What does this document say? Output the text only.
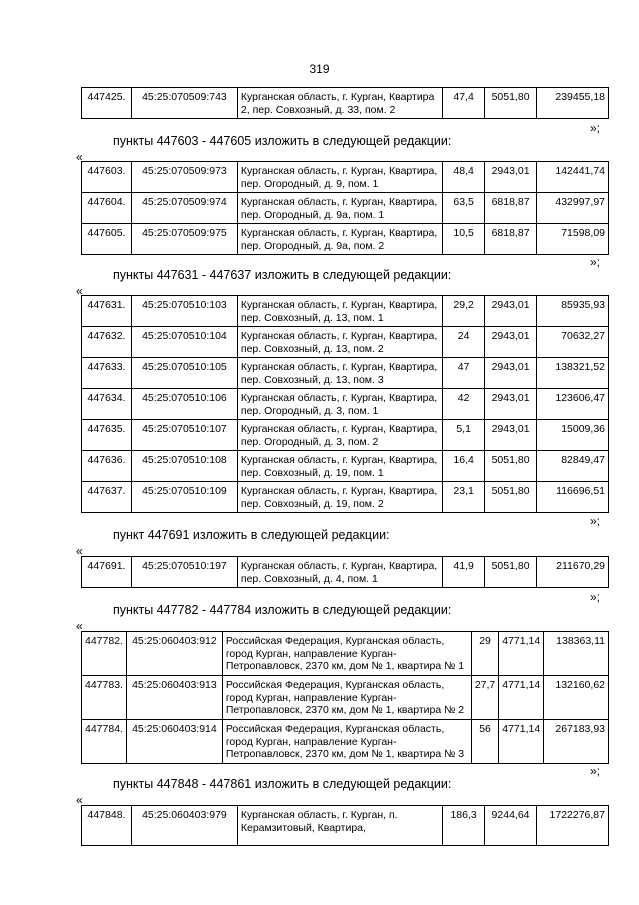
319
447425.	45:25:070509:743	Курганская область, г. Курган, Квартира 2, пер. Совхозный, д. 33, пом. 2	47,4	5051,80	239455,18
»;
пункты 447603 - 447605 изложить в следующей редакции:
«
447603.	45:25:070509:973	Курганская область, г. Курган, Квартира, пер. Огородный, д. 9, пом. 1	48,4	2943,01	142441,74
447604.	45:25:070509:974	Курганская область, г. Курган, Квартира, пер. Огородный, д. 9а, пом. 1	63,5	6818,87	432997,97
447605.	45:25:070509:975	Курганская область, г. Курган, Квартира, пер. Огородный, д. 9а, пом. 2	10,5	6818,87	71598,09
»;
пункты 447631 - 447637 изложить в следующей редакции:
«
447631.	45:25:070510:103	Курганская область, г. Курган, Квартира, пер. Совхозный, д. 13, пом. 1	29,2	2943,01	85935,93
447632.	45:25:070510:104	Курганская область, г. Курган, Квартира, пер. Совхозный, д. 13, пом. 2	24	2943,01	70632,27
447633.	45:25:070510:105	Курганская область, г. Курган, Квартира, пер. Совхозный, д. 13, пом. 3	47	2943,01	138321,52
447634.	45:25:070510:106	Курганская область, г. Курган, Квартира, пер. Огородный, д. 3, пом. 1	42	2943,01	123606,47
447635.	45:25:070510:107	Курганская область, г. Курган, Квартира, пер. Огородный, д. 3, пом. 2	5,1	2943,01	15009,36
447636.	45:25:070510:108	Курганская область, г. Курган, Квартира, пер. Совхозный, д. 19, пом. 1	16,4	5051,80	82849,47
447637.	45:25:070510:109	Курганская область, г. Курган, Квартира, пер. Совхозный, д. 19, пом. 2	23,1	5051,80	116696,51
»;
пункт 447691 изложить в следующей редакции:
«
447691.	45:25:070510:197	Курганская область, г. Курган, Квартира, пер. Совхозный, д. 4, пом. 1	41,9	5051,80	211670,29
»;
пункты 447782 - 447784 изложить в следующей редакции:
«
447782.	45:25:060403:912	Российская Федерация, Курганская область, город Курган, направление Курган-Петропавловск, 2370 км, дом № 1, квартира № 1	29	4771,14	138363,11
447783.	45:25:060403:913	Российская Федерация, Курганская область, город Курган, направление Курган-Петропавловск, 2370 км, дом № 1, квартира № 2	27,7	4771,14	132160,62
447784.	45:25:060403:914	Российская Федерация, Курганская область, город Курган, направление Курган-Петропавловск, 2370 км, дом № 1, квартира № 3	56	4771,14	267183,93
»;
пункты 447848 - 447861 изложить в следующей редакции:
«
447848.	45:25:060403:979	Курганская область, г. Курган, п. Керамзитовый, Квартира,	186,3	9244,64	1722276,87
